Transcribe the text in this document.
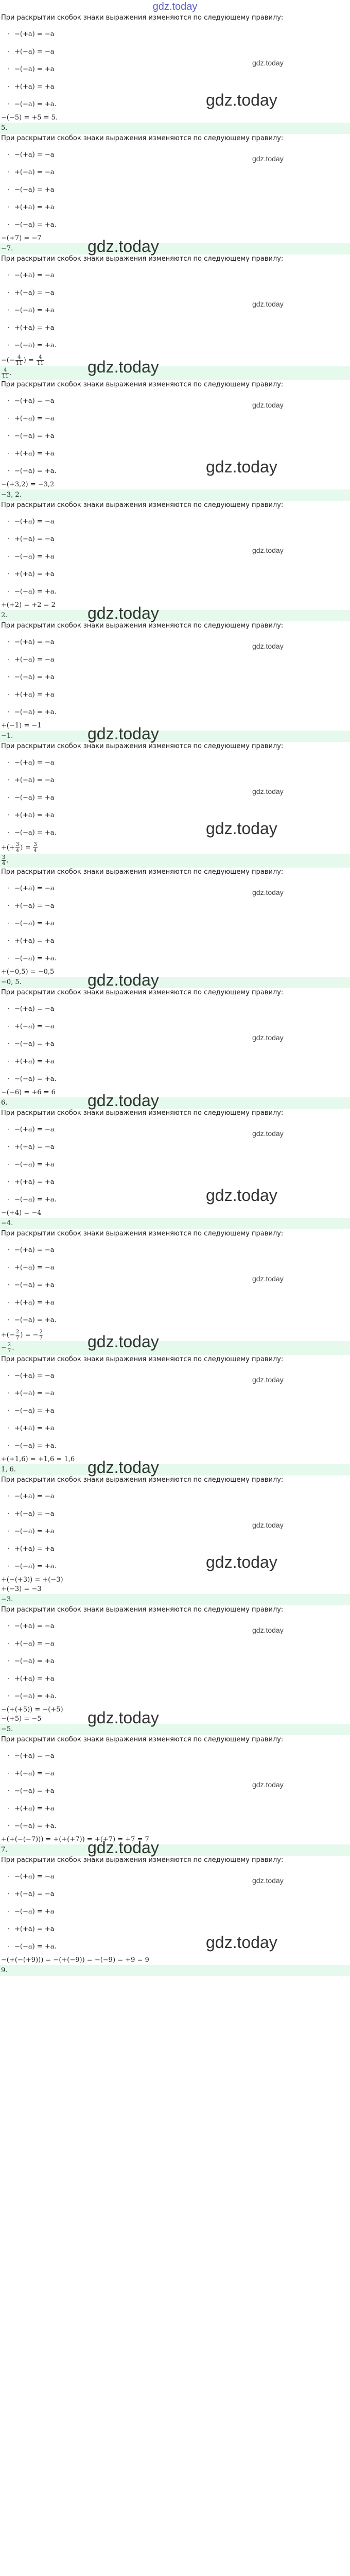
gdz.today
При раскрытии скобок знаки выражения изменяются по следующему правилу:
· −(+a) = −a
· +(−a) = −a
· −(−a) = +a
· +(+a) = +a
· −(−a) = +a.
−(−5) = +5 = 5.
5.
gdz.today
gdz.today
При раскрытии скобок знаки выражения изменяются по следующему правилу:
· −(+a) = −a
· +(−a) = −a
· −(−a) = +a
· +(+a) = +a
· −(−a) = +a.
−(+7) = −7
−7.
gdz.today
gdz.today
При раскрытии скобок знаки выражения изменяются по следующему правилу:
· −(+a) = −a
· +(−a) = −a
· −(−a) = +a
· +(+a) = +a
· −(−a) = +a.
−(− $\frac{4}{11}$ ) = $\frac{4}{11}$
$\frac{4}{11}$ .
gdz.today
gdz.today
При раскрытии скобок знаки выражения изменяются по следующему правилу:
· −(+a) = −a
· +(−a) = −a
· −(−a) = +a
· +(+a) = +a
· −(−a) = +a.
−(+3,2) = −3,2
−3, 2.
gdz.today
gdz.today
При раскрытии скобок знаки выражения изменяются по следующему правилу:
· −(+a) = −a
· +(−a) = −a
· −(−a) = +a
· +(+a) = +a
· −(−a) = +a.
+(+2) = +2 = 2
2.
gdz.today
gdz.today
При раскрытии скобок знаки выражения изменяются по следующему правилу:
· −(+a) = −a
· +(−a) = −a
· −(−a) = +a
· +(+a) = +a
· −(−a) = +a.
+(−1) = −1
−1.
gdz.today
gdz.today
При раскрытии скобок знаки выражения изменяются по следующему правилу:
· −(+a) = −a
· +(−a) = −a
· −(−a) = +a
· +(+a) = +a
· −(−a) = +a.
+(+ $\frac{3}{4}$ ) = $\frac{3}{4}$
$\frac{3}{4}$ .
gdz.today
gdz.today
При раскрытии скобок знаки выражения изменяются по следующему правилу:
· −(+a) = −a
· +(−a) = −a
· −(−a) = +a
· +(+a) = +a
· −(−a) = +a.
+(−0,5) = −0,5
−0, 5.
gdz.today
gdz.today
При раскрытии скобок знаки выражения изменяются по следующему правилу:
· −(+a) = −a
· +(−a) = −a
· −(−a) = +a
· +(+a) = +a
· −(−a) = +a.
−(−6) = +6 = 6
6.
gdz.today
gdz.today
При раскрытии скобок знаки выражения изменяются по следующему правилу:
· −(+a) = −a
· +(−a) = −a
· −(−a) = +a
· +(+a) = +a
· −(−a) = +a.
−(+4) = −4
−4.
gdz.today
gdz.today
При раскрытии скобок знаки выражения изменяются по следующему правилу:
· −(+a) = −a
· +(−a) = −a
· −(−a) = +a
· +(+a) = +a
· −(−a) = +a.
+(− $\frac{2}{7}$ ) = − $\frac{2}{7}$
− $\frac{2}{7}$ .
gdz.today
gdz.today
При раскрытии скобок знаки выражения изменяются по следующему правилу:
· −(+a) = −a
· +(−a) = −a
· −(−a) = +a
· +(+a) = +a
· −(−a) = +a.
+(+1,6) = +1,6 = 1,6
1, 6.
gdz.today
gdz.today
При раскрытии скобок знаки выражения изменяются по следующему правилу:
· −(+a) = −a
· +(−a) = −a
· −(−a) = +a
· +(+a) = +a
· −(−a) = +a.
+(−(+3)) = +(−3)
+(−3) = −3
−3.
gdz.today
gdz.today
При раскрытии скобок знаки выражения изменяются по следующему правилу:
· −(+a) = −a
· +(−a) = −a
· −(−a) = +a
· +(+a) = +a
· −(−a) = +a.
−(+(+5)) = −(+5)
−(+5) = −5
−5.
gdz.today
gdz.today
При раскрытии скобок знаки выражения изменяются по следующему правилу:
· −(+a) = −a
· +(−a) = −a
· −(−a) = +a
· +(+a) = +a
· −(−a) = +a.
+(+(−(−7))) = +(+(+7)) = +(+7) = +7 = 7
7.
gdz.today
gdz.today
При раскрытии скобок знаки выражения изменяются по следующему правилу:
· −(+a) = −a
· +(−a) = −a
· −(−a) = +a
· +(+a) = +a
· −(−a) = +a.
−(+(−(+9))) = −(+(−9)) = −(−9) = +9 = 9
9.
gdz.today
gdz.today
